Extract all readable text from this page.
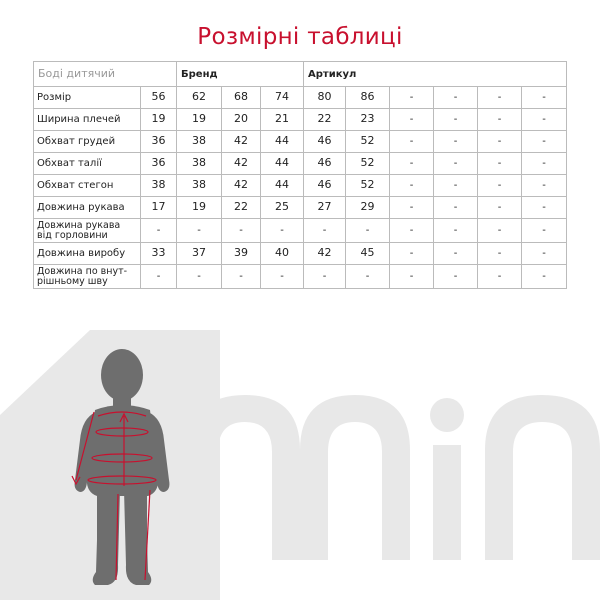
Розмірні таблиці
Боді дитячий		Бренд			Артикул					
Розмір	56	62	68	74	80	86	-	-	-	-
Ширина плечей	19	19	20	21	22	23	-	-	-	-
Обхват грудей	36	38	42	44	46	52	-	-	-	-
Обхват талії	36	38	42	44	46	52	-	-	-	-
Обхват стегон	38	38	42	44	46	52	-	-	-	-
Довжина рукава	17	19	22	25	27	29	-	-	-	-

Довжина рукава
від горловини	-	-	-	-	-	-	-	-	-	-
Довжина виробу	33	37	39	40	42	45	-	-	-	-

Довжина по внут-
рішньому шву	-	-	-	-	-	-	-	-	-	-
min
